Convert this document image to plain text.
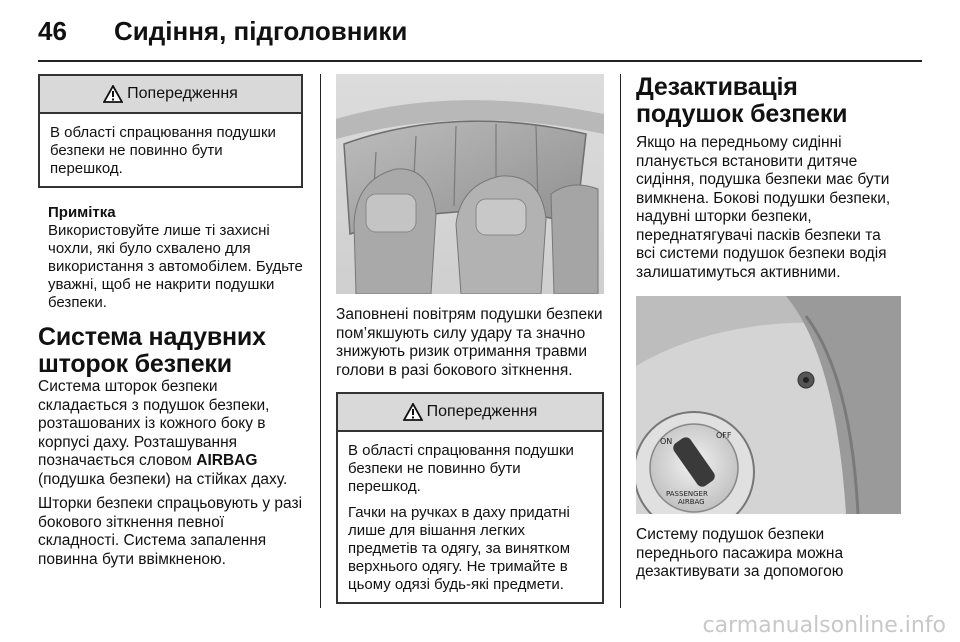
46 Сидіння, підголовники
Попередження

В області спрацювання подушки безпеки не повинно бути перешкод.

Примітка
Використовуйте лише ті захисні чохли, які було схвалено для використання з автомобілем. Будьте уважні, щоб не накрити подушки безпеки.
Система надувних шторок безпеки

Система шторок безпеки складається з подушок безпеки, розташованих із кожного боку в корпусі даху. Розташування позначається словом AIRBAG (подушка безпеки) на стійках даху.

Шторки безпеки спрацьовують у разі бокового зіткнення певної складності. Система запалення повинна бути ввімкненою.

Заповнені повітрям подушки безпеки пом’якшують силу удару та значно знижують ризик отримання травми голови в разі бокового зіткнення.

Попередження

В області спрацювання подушки безпеки не повинно бути перешкод.

Гачки на ручках в даху придатні лише для вішання легких предметів та одягу, за винятком верхнього одягу. Не тримайте в цьому одязі будь-які предмети.

Дезактивація подушок безпеки

Якщо на передньому сидінні планується встановити дитяче сидіння, подушка безпеки має бути вимкнена. Бокові подушки безпеки, надувні шторки безпеки, переднатягувачі пасків безпеки та всі системи подушок безпеки водія залишатимуться активними.

ON
OFF
PASSENGER
AIRBAG

Систему подушок безпеки переднього пасажира можна дезактивувати за допомогою

carmanualsonline.info
